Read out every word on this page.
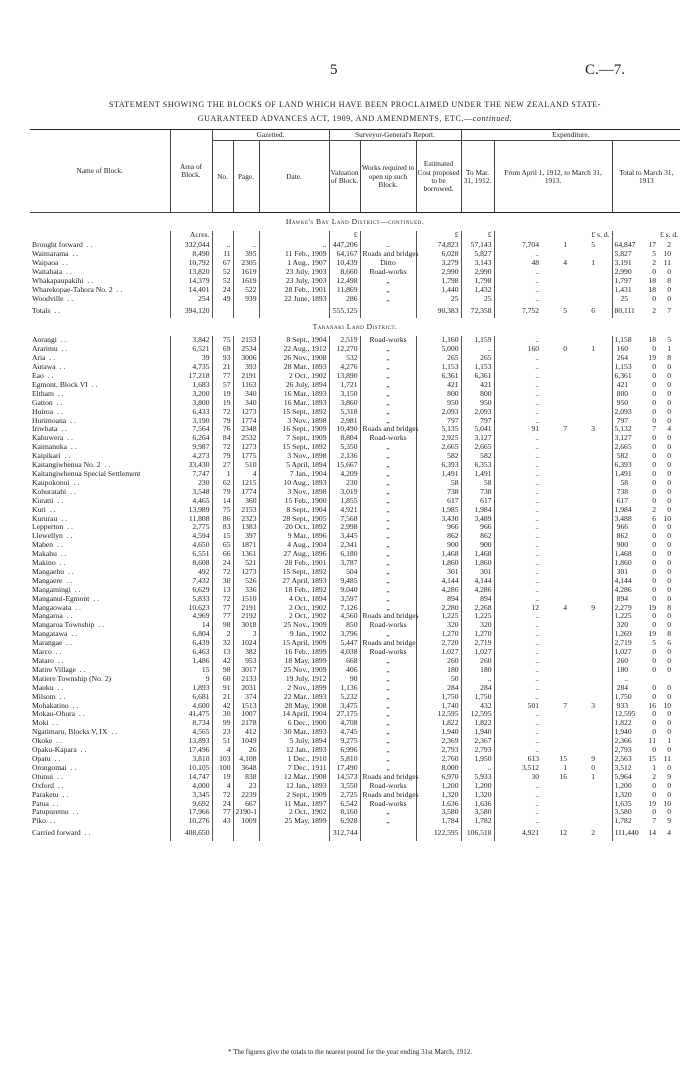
5	C.—7.
STATEMENT SHOWING THE BLOCKS OF LAND WHICH HAVE BEEN PROCLAIMED UNDER THE NEW ZEALAND STATE-
GUARANTEED ADVANCES ACT, 1909, AND AMENDMENTS, ETC.—continued.
Name of Block.	Area of Block.	Gazetted.			Surveyor-General's Report.			Expenditure.								
		No.	Page.	Date.	Valuation of Block.	Works required to open up such Block.	Estimated Cost proposed to be borrowed.	To Mar. 31, 1912.	From April 1, 1912, to March 31, 1913.				Total to March 31, 1913			
Hawke's Bay Land District—continued.																
	Acres.				£		£	£	£ s. d.				£ s. d.			
Brought forward ..	332,044	..	..	..	447,206	..	74,823	57,143	7,704	1	5		64,847	17	2	
Waimarama ..	8,490	11	395	11 Feb., 1909	64,167	Roads and bridges	6,028	5,827	..				5,827	5	10	
Waipaoa ..	10,792	67	2305	1 Aug., 1907	10,439	Ditto	3,279	3,143	48	4	1		3,191	2	11	
Waitahaia ..	13,820	52	1619	23 July, 1903	8,660	Road-works	2,990	2,990	..				2,990	0	0	
Whakapaupakihi ..	14,379	52	1619	23 July, 1903	12,498	„	1,798	1,798	..				1,797	18	8	
Wharekopae-Tahora No. 2 ..	14,401	24	522	28 Feb., 1901	11,869	„	1,440	1,432	..				1,431	18	0	
Woodville ..	254	49	939	22 June, 1893	286	„	25	25	..				25	0	0	
Totals ..	394,120				555,125		90,383	72,358	7,752	5	6		80,111	2	7	
Taranaki Land District.																
Aorangi ..	3,842	75	2153	8 Sept., 1904	2,519	Road-works	1,160	1,159	..				1,158	18	5	
Ararimu ..	6,521	69	2534	22 Aug., 1912	12,270	„	5,000	..	160	0	1		160	0	1	
Aria ..	39	93	3006	26 Nov., 1908	532	„	265	265	..				264	19	8	
Autawa ..	4,735	21	393	28 Mar., 1893	4,276	„	1,153	1,153	..				1,153	0	0	
Eao ..	17,218	77	2191	2 Oct., 1902	13,890	„	6,361	6,361	..				6,361	0	0	
Egmont, Block VI ..	1,683	57	1163	26 July, 1894	1,721	„	421	421	..				421	0	0	
Eltham ..	3,200	19	340	16 Mar., 1893	3,150	„	800	800	..				800	0	0	
Gatton ..	3,800	19	340	16 Mar., 1893	3,860	„	950	950	..				950	0	0	
Huiroa ..	6,433	72	1273	15 Sept., 1892	5,318	„	2,093	2,093	..				2,093	0	0	
Hurimoana ..	3,190	79	1774	3 Nov., 1898	2,981	„	797	797	..				797	0	0	
Iriwhata ..	7,564	76	2348	16 Sept., 1909	10,490	Roads and bridges	5,135	5,041	91	7	3		5,132	7	4	
Kahuwera ..	6,264	84	2532	7 Sept., 1909	8,804	Road-works	2,925	3,127	..				3,127	0	0	
Kaimanuka ..	9,987	72	1273	15 Sept., 1892	5,350	„	2,665	2,665	..				2,665	0	0	
Kaipikari ..	4,273	79	1775	3 Nov., 1898	2,136	„	582	582	..				582	0	0	
Kaitangiwhenua No. 2 ..	33,430	27	510	5 April, 1894	15,667	„	6,393	6,353	..				6,393	0	0	
Kaitangiwhenua Special Settlement	7,747	1	4	7 Jan., 1904	4,209	„	1,491	1,491	..				1,491	0	0	
Kaupokonui ..	230	62	1215	10 Aug., 1893	230	„	58	58	..				58	0	0	
Kohuratahi ..	3,548	79	1774	3 Nov., 1898	3,019	„	738	738	..				738	0	0	
Kuratti ..	4,465	14	360	15 Feb., 1900	1,855	„	617	617	..				617	0	0	
Kuri ..	13,989	75	2153	8 Sept., 1904	4,921	„	1,985	1,984	..				1,984	2	0	
Kururau ..	11,808	86	2323	28 Sept., 1905	7,568	„	3,430	3,489	..				3,488	6	10	
Lepperton ..	2,775	83	1383	20 Oct., 1892	2,998	„	966	966	..				966	0	0	
Llewellyn ..	4,594	15	397	9 Mar., 1896	3,445	„	862	862	..				862	0	0	
Maben ..	4,650	65	1871	4 Aug., 1904	2,341	„	900	900	..				900	0	0	
Makahu ..	6,551	66	1361	27 Aug., 1896	6,180	„	1,468	1,468	..				1,468	0	0	
Makino ..	8,608	24	521	28 Feb., 1901	3,787	„	1,860	1,860	..				1,860	0	0	
Mangaehu ..	492	72	1273	15 Sept., 1892	504	„	301	301	..				301	0	0	
Mangaere ..	7,432	30	526	27 April, 1893	9,485	„	4,144	4,144	..				4,144	0	0	
Mangamingi ..	6,629	13	336	18 Feb., 1892	9,040	„	4,286	4,286	..				4,286	0	0	
Manganui-Egmont ..	5,833	72	1510	4 Oct., 1894	3,597	„	894	894	..				894	0	0	
Mangaowata ..	10,623	77	2191	2 Oct., 1902	7,126	„	2,280	2,268	12	4	9		2,279	19	8	
Mangaroa ..	4,969	77	2192	2 Oct., 1902	4,560	Roads and bridges	1,225	1,225	..				1,225	0	0	
Mangaroa Township ..	14	98	3018	25 Nov., 1909	850	Road-works	320	320	..				320	0	0	
Mangatawa ..	6,804	2	3	9 Jan., 1902	3,796	„	1,270	1,270	..				1,269	19	8	
Marangae ..	6,439	32	1024	15 April, 1909	5,447	Roads and bridge	2,720	2,719	..				2,719	5	6	
Marco ..	6,463	13	382	16 Feb., 1899	4,038	Road-works	1,027	1,027	..				1,027	0	0	
Mataro ..	1,486	42	953	18 May, 1899	668	„	260	260	..				260	0	0	
Matire Village ..	15	98	3017	25 Nov., 1909	406	„	180	180	..				180	0	0	
Matiere Township (No. 2)	9	60	2133	19 July, 1912	90	„	50	..	..				..			
Mauku ..	1,893	91	2031	2 Nov., 1899	1,136	„	284	284	..				284	0	0	
Milsom ..	6,681	21	374	22 Mar., 1893	5,232	„	1,750	1,750	..				1,750	0	0	
Mohakatino ..	4,600	42	1513	28 May, 1908	3,475	„	1,740	432	501	7	3		933	16	10	
Mokau-Ohura ..	41,475	30	1007	14 April, 1904	27,175	„	12,595	12,595	..				12,595	0	0	
Moki ..	8,734	99	2178	6 Dec., 1900	4,708	„	1,822	1,822	..				1,822	0	0	
Ngatimaru, Blocks V, IX ..	4,565	23	412	30 Mar., 1893	4,745	„	1,940	1,940	..				1,940	0	0	
Okoke ..	13,893	51	1049	5 July, 1894	9,275	„	2,369	2,367	..				2,366	11	1	
Opaku-Kapara ..	17,496	4	26	12 Jan., 1893	6,996	„	2,793	2,793	..				2,793	0	0	
Opatu ..	3,810	103	4,108	1 Dec., 1910	5,810	„	2,760	1,950	613	15	9		2,563	15	11	
Orongomai ..	10,105	100	3648	7 Dec., 1911	17,490	„	8,000	..	3,512	1	0		3,512	1	0	
Otunui ..	14,747	19	838	12 Mar., 1908	14,573	Roads and bridges	6,970	5,933	30	16	1		5,964	2	9	
Oxford ..	4,000	4	23	12 Jan., 1893	3,550	Road-works	1,200	1,200	..				1,200	0	0	
Paraketu ..	3,345	72	2239	2 Sept., 1909	2,725	Roads and bridges	1,320	1,320	..				1,320	0	0	
Patua ..	9,692	24	667	11 Mar., 1897	6,542	Road-works	1,636	1,636	..				1,635	19	10	
Patupuremu ..	17,966	77	2190-1	2 Oct., 1902	8,160	„	3,580	3,580	..				3,580	0	0	
Piko ..	10,276	43	1009	25 May, 1899	6,928	„	1,784	1,782	..				1,782	7	9	
Carried forward ..	408,650				312,744		122,595	106,518	4,921	12	2		111,440	14	4	
* The figures give the totals to the nearest pound for the year ending 31st March, 1912.
